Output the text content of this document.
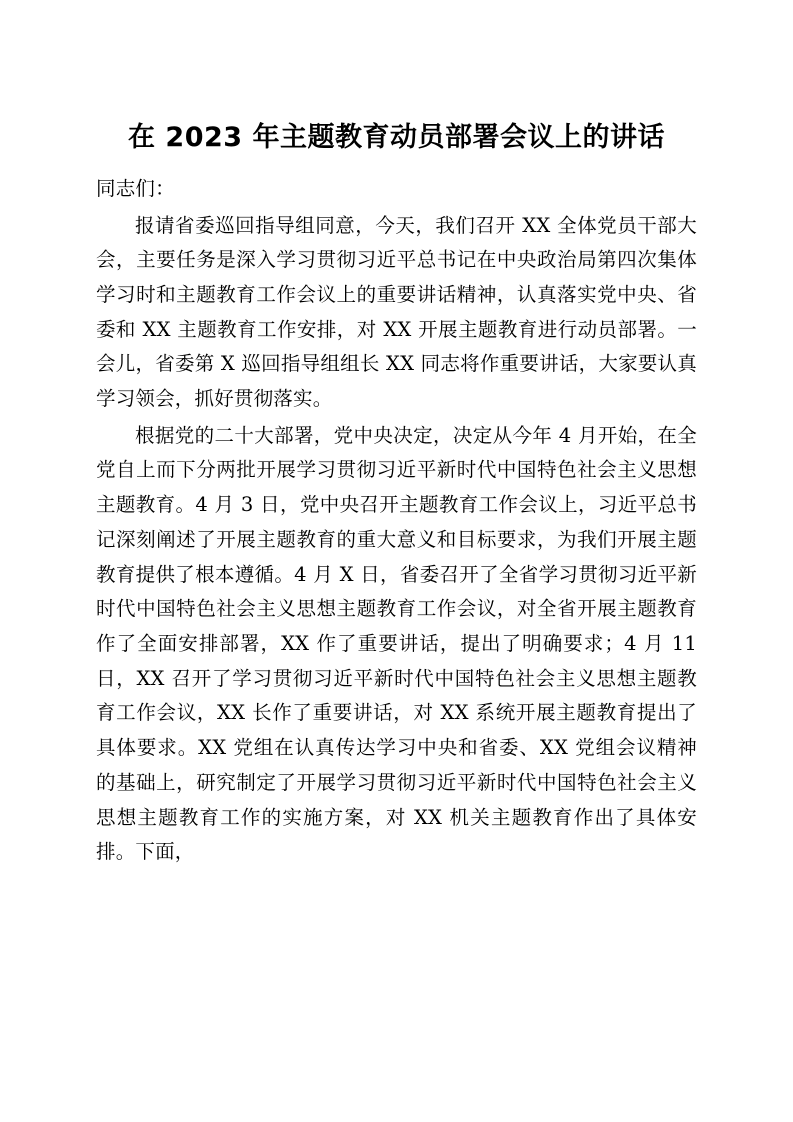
在 2023 年主题教育动员部署会议上的讲话

同志们：

报请省委巡回指导组同意，今天，我们召开 XX 全体党员干部大会，主要任务是深入学习贯彻习近平总书记在中央政治局第四次集体学习时和主题教育工作会议上的重要讲话精神，认真落实党中央、省委和 XX 主题教育工作安排，对 XX 开展主题教育进行动员部署。一会儿，省委第 X 巡回指导组组长 XX 同志将作重要讲话，大家要认真学习领会，抓好贯彻落实。

根据党的二十大部署，党中央决定，决定从今年 4 月开始，在全党自上而下分两批开展学习贯彻习近平新时代中国特色社会主义思想主题教育。4 月 3 日，党中央召开主题教育工作会议上，习近平总书记深刻阐述了开展主题教育的重大意义和目标要求，为我们开展主题教育提供了根本遵循。4 月 X 日，省委召开了全省学习贯彻习近平新时代中国特色社会主义思想主题教育工作会议，对全省开展主题教育作了全面安排部署，XX 作了重要讲话，提出了明确要求；4 月 11 日，XX 召开了学习贯彻习近平新时代中国特色社会主义思想主题教育工作会议，XX 长作了重要讲话，对 XX 系统开展主题教育提出了具体要求。XX 党组在认真传达学习中央和省委、XX 党组会议精神的基础上，研究制定了开展学习贯彻习近平新时代中国特色社会主义思想主题教育工作的实施方案，对 XX 机关主题教育作出了具体安排。下面，
